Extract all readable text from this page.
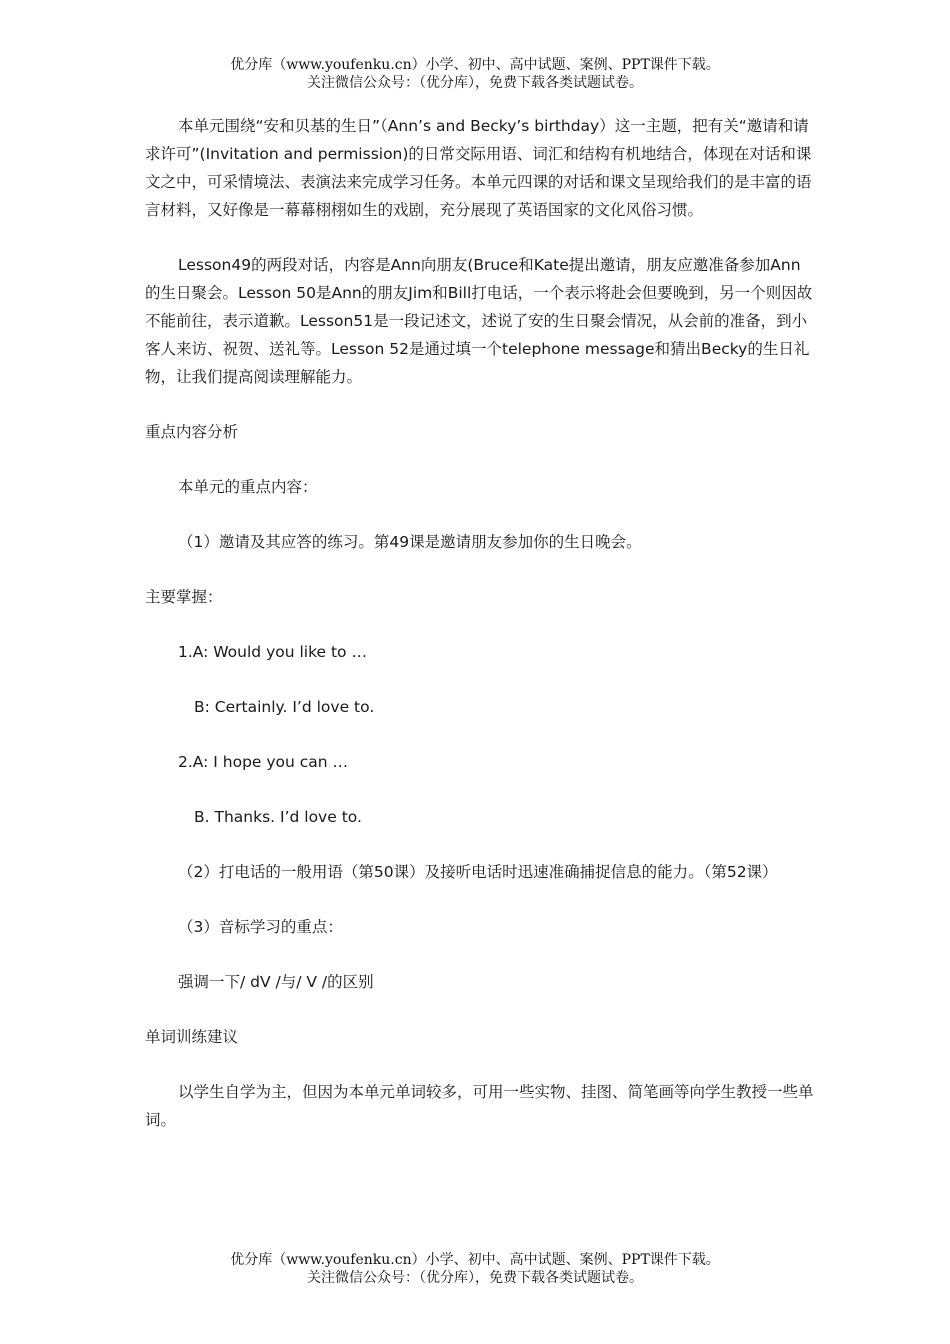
优分库（www.youfenku.cn）小学、初中、高中试题、案例、PPT课件下载。
关注微信公众号：（优分库），免费下载各类试题试卷。

本单元围绕“安和贝基的生日”（Ann’s and Becky’s birthday）这一主题，把有关“邀请和请求许可”(Invitation and permission)的日常交际用语、词汇和结构有机地结合，体现在对话和课文之中，可采情境法、表演法来完成学习任务。本单元四课的对话和课文呈现给我们的是丰富的语言材料，又好像是一幕幕栩栩如生的戏剧，充分展现了英语国家的文化风俗习惯。

Lesson49的两段对话，内容是Ann向朋友(Bruce和Kate提出邀请，朋友应邀准备参加Ann的生日聚会。Lesson 50是Ann的朋友Jim和Bill打电话，一个表示将赴会但要晚到，另一个则因故不能前往，表示道歉。Lesson51是一段记述文，述说了安的生日聚会情况，从会前的准备，到小客人来访、祝贺、送礼等。Lesson 52是通过填一个telephone message和猜出Becky的生日礼物，让我们提高阅读理解能力。

重点内容分析

本单元的重点内容：

（1）邀请及其应答的练习。第49课是邀请朋友参加你的生日晚会。

主要掌握：

1.A: Would you like to …

B: Certainly. I’d love to.

2.A: I hope you can …

B. Thanks. I’d love to.

（2）打电话的一般用语（第50课）及接听电话时迅速准确捕捉信息的能力。（第52课）

（3）音标学习的重点：

强调一下/ dV /与/ V /的区别

单词训练建议

以学生自学为主，但因为本单元单词较多，可用一些实物、挂图、简笔画等向学生教授一些单词。

优分库（www.youfenku.cn）小学、初中、高中试题、案例、PPT课件下载。
关注微信公众号：（优分库），免费下载各类试题试卷。
